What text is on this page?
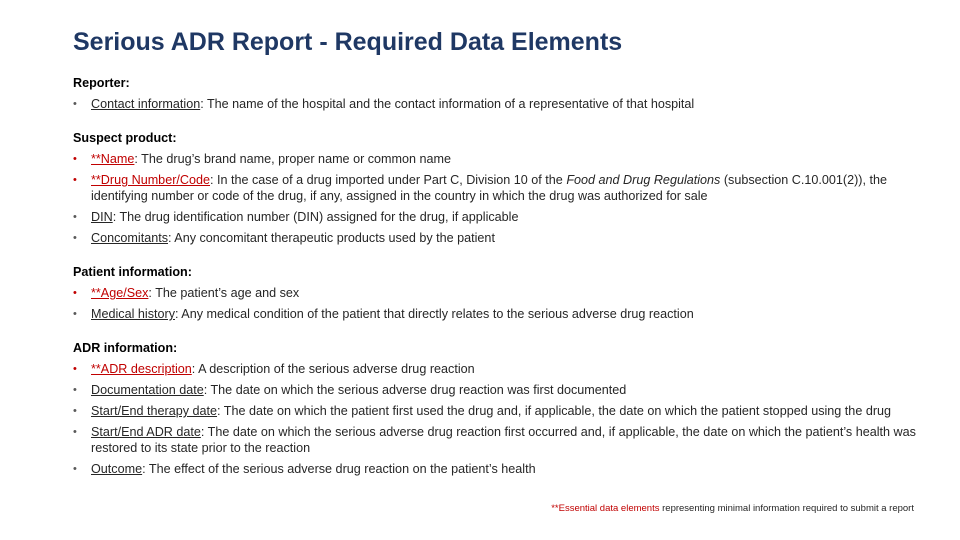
Serious ADR Report - Required Data Elements
Reporter:
• Contact information: The name of the hospital and the contact information of a representative of that hospital
Suspect product:
• **Name: The drug’s brand name, proper name or common name
• **Drug Number/Code: In the case of a drug imported under Part C, Division 10 of the Food and Drug Regulations (subsection C.10.001(2)), the identifying number or code of the drug, if any, assigned in the country in which the drug was authorized for sale
• DIN: The drug identification number (DIN) assigned for the drug, if applicable
• Concomitants: Any concomitant therapeutic products used by the patient
Patient information:
• **Age/Sex: The patient’s age and sex
• Medical history: Any medical condition of the patient that directly relates to the serious adverse drug reaction
ADR information:
• **ADR description: A description of the serious adverse drug reaction
• Documentation date: The date on which the serious adverse drug reaction was first documented
• Start/End therapy date: The date on which the patient first used the drug and, if applicable, the date on which the patient stopped using the drug
• Start/End ADR date: The date on which the serious adverse drug reaction first occurred and, if applicable, the date on which the patient’s health was restored to its state prior to the reaction
• Outcome: The effect of the serious adverse drug reaction on the patient’s health
**Essential data elements representing minimal information required to submit a report
